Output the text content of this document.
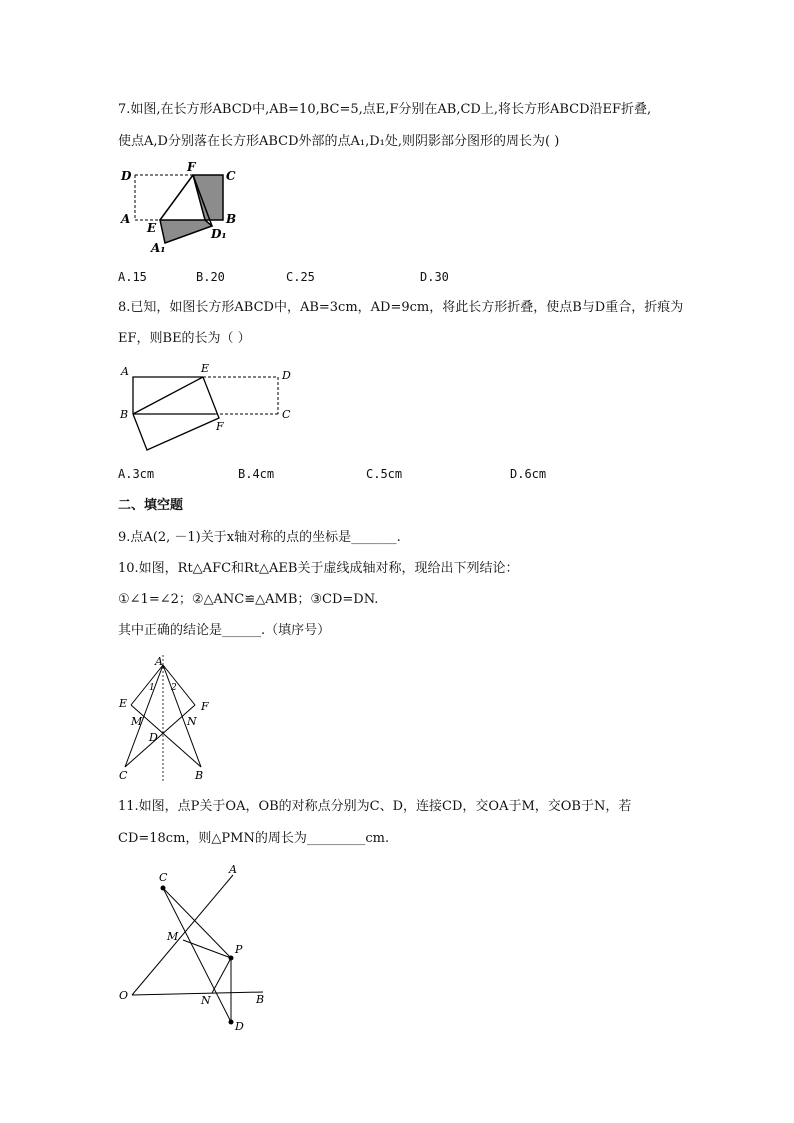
7.如图,在长方形ABCD中,AB=10,BC=5,点E,F分别在AB,CD上,将长方形ABCD沿EF折叠,
使点A,D分别落在长方形ABCD外部的点A₁,D₁处,则阴影部分图形的周长为( )
D
F
C
A
E
B
A₁
D₁
A.15	B.20	C.25	D.30
8.已知，如图长方形ABCD中，AB=3cm，AD=9cm，将此长方形折叠，使点B与D重合，折痕为
EF，则BE的长为（ ）
A	E
D
B	C
F
A.3cm	B.4cm	C.5cm	D.6cm
二、填空题
9.点A(2, －1)关于x轴对称的点的坐标是_______.
10.如图，Rt△AFC和Rt△AEB关于虚线成轴对称，现给出下列结论：
①∠1=∠2；②△ANC≌△AMB；③CD=DN.
其中正确的结论是______.（填序号）
A
1 2
E	F
M	N
D
C	B
11.如图，点P关于OA，OB的对称点分别为C、D，连接CD，交OA于M，交OB于N，若
CD=18cm，则△PMN的周长为_________cm.
C
A
M
P
O	N	B
D
